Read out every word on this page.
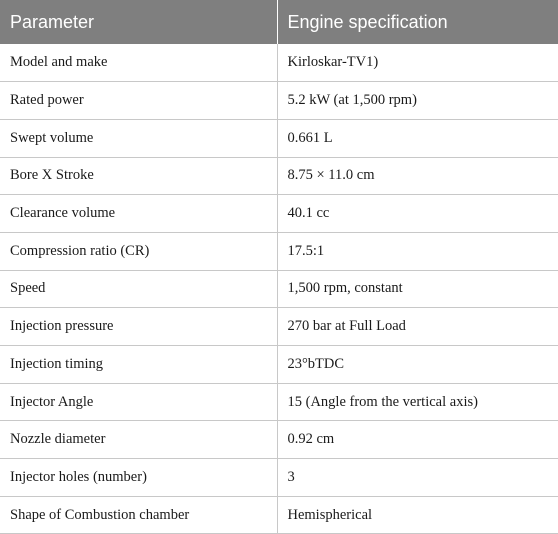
Parameter	Engine specification
Model and make	Kirloskar-TV1)
Rated power	5.2 kW (at 1,500 rpm)
Swept volume	0.661 L
Bore X Stroke	8.75 × 11.0 cm
Clearance volume	40.1 cc
Compression ratio (CR)	17.5:1
Speed	1,500 rpm, constant
Injection pressure	270 bar at Full Load
Injection timing	23°bTDC
Injector Angle	15 (Angle from the vertical axis)
Nozzle diameter	0.92 cm
Injector holes (number)	3
Shape of Combustion chamber	Hemispherical
